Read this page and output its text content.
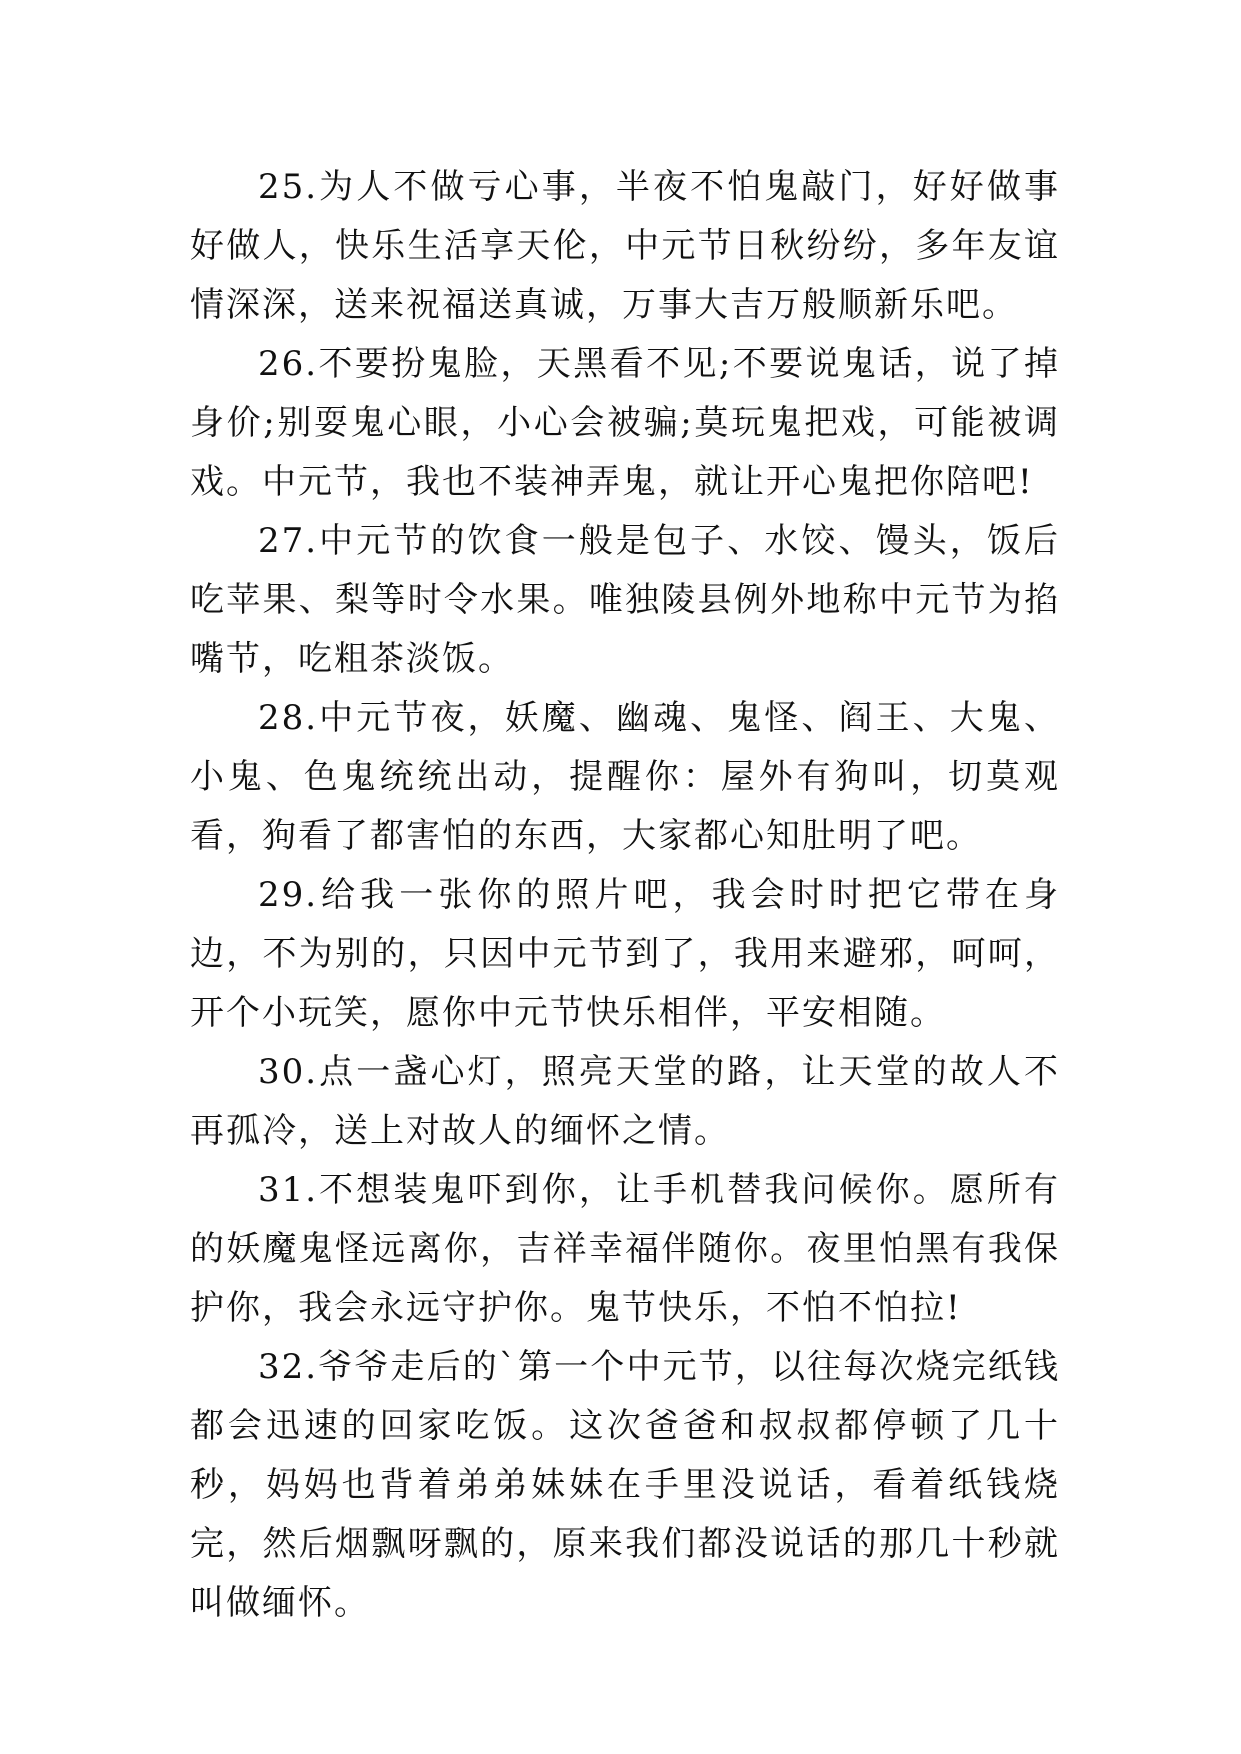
25.为人不做亏心事，半夜不怕鬼敲门，好好做事好做人，快乐生活享天伦，中元节日秋纷纷，多年友谊情深深，送来祝福送真诚，万事大吉万般顺新乐吧。

26.不要扮鬼脸，天黑看不见;不要说鬼话，说了掉身价;别耍鬼心眼，小心会被骗;莫玩鬼把戏，可能被调戏。中元节，我也不装神弄鬼，就让开心鬼把你陪吧!

27.中元节的饮食一般是包子、水饺、馒头，饭后吃苹果、梨等时令水果。唯独陵县例外地称中元节为掐嘴节，吃粗茶淡饭。

28.中元节夜，妖魔、幽魂、鬼怪、阎王、大鬼、小鬼、色鬼统统出动，提醒你：屋外有狗叫，切莫观看，狗看了都害怕的东西，大家都心知肚明了吧。

29.给我一张你的照片吧，我会时时把它带在身边，不为别的，只因中元节到了，我用来避邪，呵呵，开个小玩笑，愿你中元节快乐相伴，平安相随。

30.点一盏心灯，照亮天堂的路，让天堂的故人不再孤冷，送上对故人的缅怀之情。

31.不想装鬼吓到你，让手机替我问候你。愿所有的妖魔鬼怪远离你，吉祥幸福伴随你。夜里怕黑有我保护你，我会永远守护你。鬼节快乐，不怕不怕拉!

32.爷爷走后的`第一个中元节，以往每次烧完纸钱都会迅速的回家吃饭。这次爸爸和叔叔都停顿了几十秒，妈妈也背着弟弟妹妹在手里没说话，看着纸钱烧完，然后烟飘呀飘的，原来我们都没说话的那几十秒就叫做缅怀。
